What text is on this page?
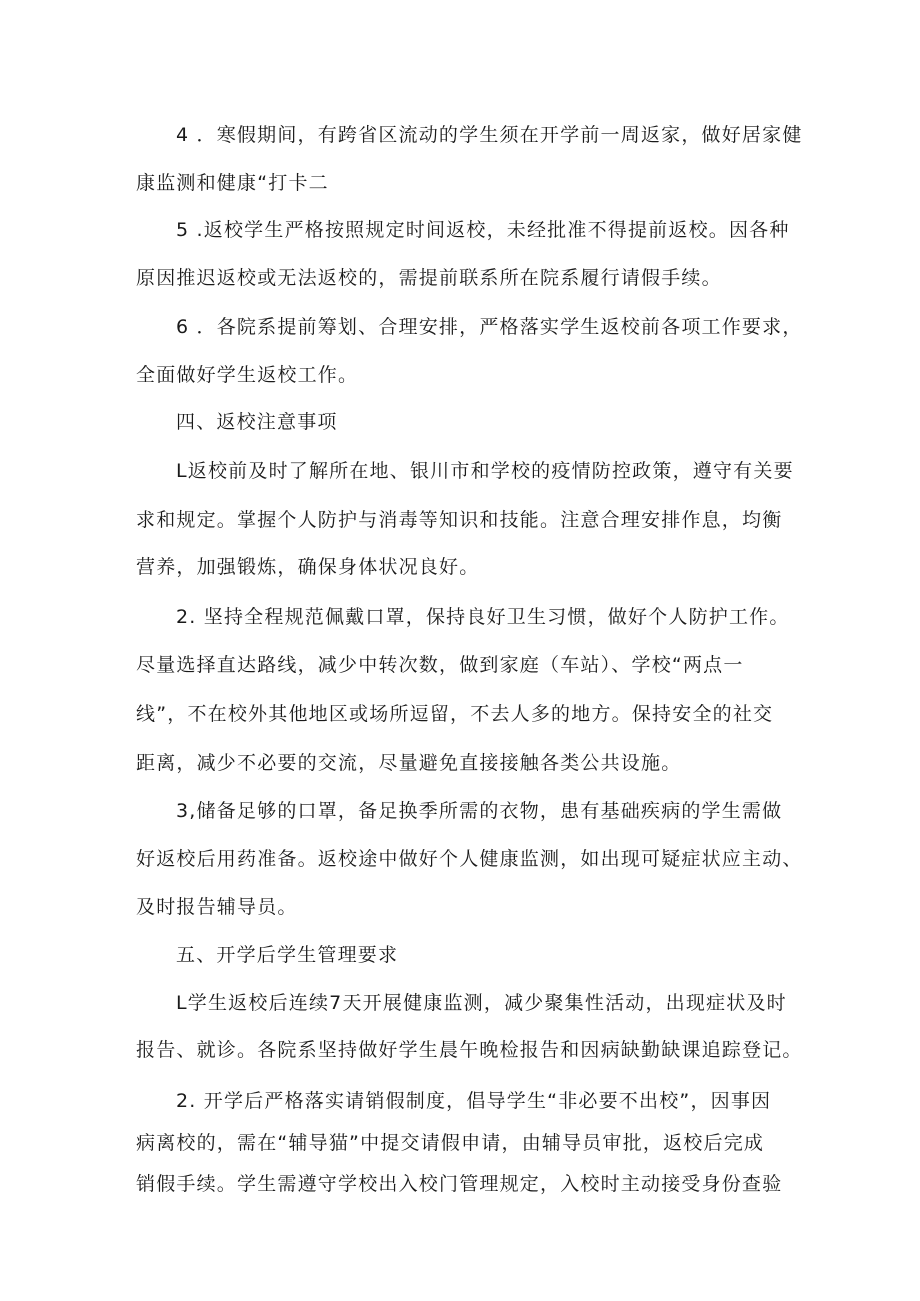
4 ．寒假期间，有跨省区流动的学生须在开学前一周返家，做好居家健
康监测和健康“打卡二
5 .返校学生严格按照规定时间返校，未经批准不得提前返校。因各种
原因推迟返校或无法返校的，需提前联系所在院系履行请假手续。
6 ．各院系提前筹划、合理安排，严格落实学生返校前各项工作要求，
全面做好学生返校工作。
四、返校注意事项
L返校前及时了解所在地、银川市和学校的疫情防控政策，遵守有关要
求和规定。掌握个人防护与消毒等知识和技能。注意合理安排作息，均衡
营养，加强锻炼，确保身体状况良好。
2. 坚持全程规范佩戴口罩，保持良好卫生习惯，做好个人防护工作。
尽量选择直达路线，减少中转次数，做到家庭（车站）、学校“两点一
线”，不在校外其他地区或场所逗留，不去人多的地方。保持安全的社交
距离，减少不必要的交流，尽量避免直接接触各类公共设施。
3,储备足够的口罩，备足换季所需的衣物，患有基础疾病的学生需做
好返校后用药准备。返校途中做好个人健康监测，如出现可疑症状应主动、
及时报告辅导员。
五、开学后学生管理要求
L学生返校后连续7天开展健康监测，减少聚集性活动，出现症状及时
报告、就诊。各院系坚持做好学生晨午晚检报告和因病缺勤缺课追踪登记。
2. 开学后严格落实请销假制度，倡导学生“非必要不出校”，因事因
病离校的，需在“辅导猫”中提交请假申请，由辅导员审批，返校后完成
销假手续。学生需遵守学校出入校门管理规定，入校时主动接受身份查验
